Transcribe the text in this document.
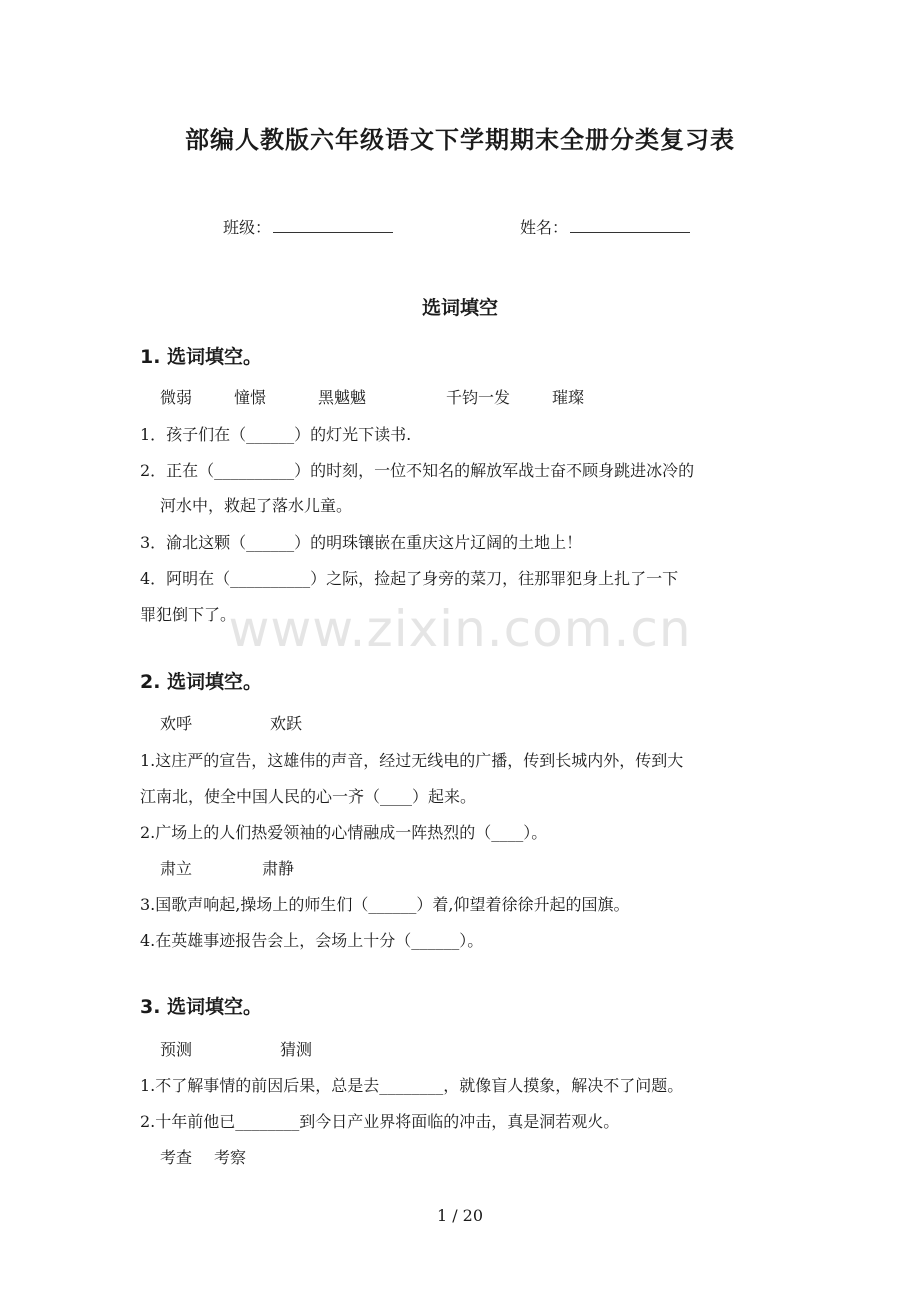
部编人教版六年级语文下学期期末全册分类复习表
班级：	姓名：
选词填空
1. 选词填空。
微弱	憧憬	黑魆魆	千钧一发	璀璨
1．孩子们在（______）的灯光下读书.
2．正在（__________）的时刻，一位不知名的解放军战士奋不顾身跳进冰冷的
河水中，救起了落水儿童。
3．渝北这颗（______）的明珠镶嵌在重庆这片辽阔的土地上！
4．阿明在（__________）之际，捡起了身旁的菜刀，往那罪犯身上扎了一下
罪犯倒下了。
2. 选词填空。
欢呼	欢跃
1.这庄严的宣告，这雄伟的声音，经过无线电的广播，传到长城内外，传到大
江南北，使全中国人民的心一齐（____）起来。
2.广场上的人们热爱领袖的心情融成一阵热烈的（____）。
肃立	肃静
3.国歌声响起,操场上的师生们（______）着,仰望着徐徐升起的国旗。
4.在英雄事迹报告会上，会场上十分（______）。
3. 选词填空。
预测	猜测
1.不了解事情的前因后果，总是去________，就像盲人摸象，解决不了问题。
2.十年前他已________到今日产业界将面临的冲击，真是洞若观火。
考查 考察
www.zixin.com.cn
1 / 20
